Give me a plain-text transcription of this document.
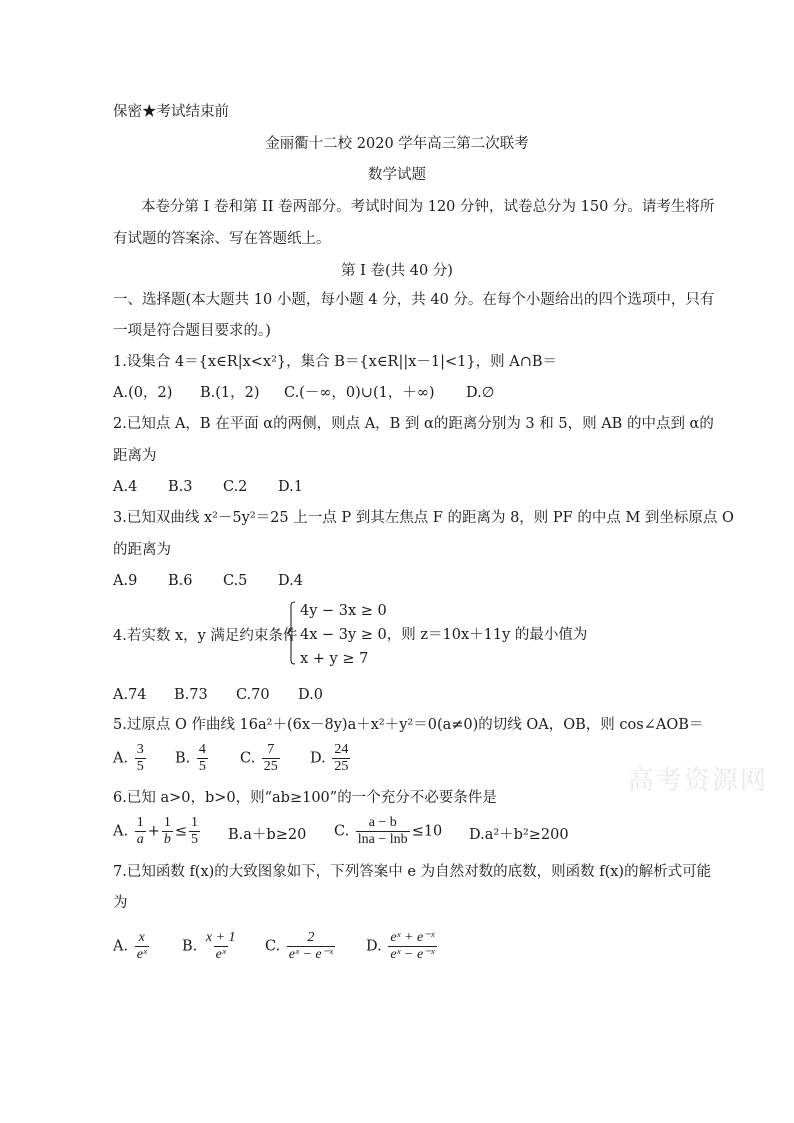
保密★考试结束前
金丽衢十二校 2020 学年高三第二次联考
数学试题
本卷分第 I 卷和第 II 卷两部分。考试时间为 120 分钟，试卷总分为 150 分。请考生将所
有试题的答案涂、写在答题纸上。
第 I 卷(共 40 分)
一、选择题(本大题共 10 小题，每小题 4 分，共 40 分。在每个小题给出的四个选项中，只有
一项是符合题目要求的。)
1.设集合 4＝{x∈R|x<x²}，集合 B＝{x∈R||x－1|<1}，则 A∩B＝
A.(0，2) B.(1，2) C.(－∞，0)∪(1，＋∞) D.∅
2.已知点 A，B 在平面 α的两侧，则点 A，B 到 α的距离分别为 3 和 5，则 AB 的中点到 α的
距离为
A.4 B.3 C.2 D.1
3.已知双曲线 x²－5y²＝25 上一点 P 到其左焦点 F 的距离为 8，则 PF 的中点 M 到坐标原点 O
的距离为
A.9 B.6 C.5 D.4
4.若实数 x，y 满足约束条件
4y − 3x ≥ 0
4x − 3y ≥ 0，则 z＝10x＋11y 的最小值为
x + y ≥ 7
A.74 B.73 C.70 D.0
5.过原点 O 作曲线 16a²＋(6x－8y)a＋x²＋y²＝0(a≠0)的切线 OA，OB，则 cos∠AOB＝
A. $\frac{3}{5} B$. $\frac{4}{5} C$. $\frac{7}{25} D$. $\frac{24}{25}$
6.已知 a>0，b>0，则“ab≥100”的一个充分不必要条件是
A. $\frac{1}{a} + \frac{1}{b} \le \frac{1}{5} B.a+b\ge 20$ C. $\frac{a - b}{\ln a - \ln b} \le 10$ D.a²＋b²≥200
7.已知函数 f(x)的大致图象如下，下列答案中 e 为自然对数的底数，则函数 f(x)的解析式可能
为
A. $\frac{x}{\text{eˣ}} B$. $\frac{x + 1}{\text{eˣ}} C$. $\frac{2}{\text{eˣ − e⁻ˣ}} D$. $\frac{\text{eˣ + e⁻ˣ}}{\text{eˣ − e⁻ˣ}}$
高考资源网
